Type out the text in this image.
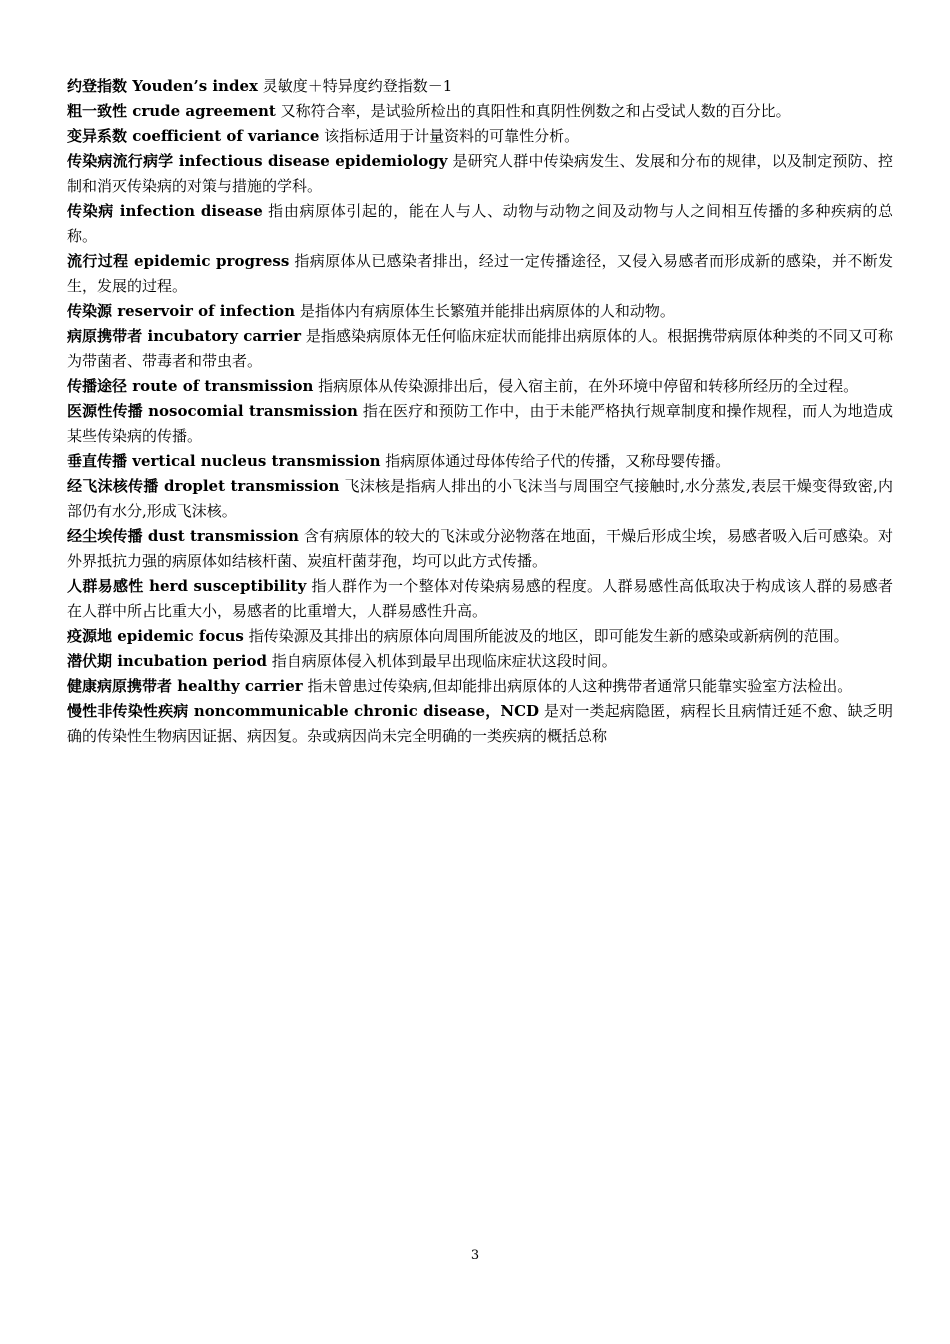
约登指数 Youden’s index 灵敏度＋特异度约登指数－1

粗一致性 crude agreement 又称符合率，是试验所检出的真阳性和真阴性例数之和占受试人数的百分比。

变异系数 coefficient of variance 该指标适用于计量资料的可靠性分析。

传染病流行病学 infectious disease epidemiology 是研究人群中传染病发生、发展和分布的规律，以及制定预防、控制和消灭传染病的对策与措施的学科。

传染病 infection disease 指由病原体引起的，能在人与人、动物与动物之间及动物与人之间相互传播的多种疾病的总称。

流行过程 epidemic progress 指病原体从已感染者排出，经过一定传播途径，又侵入易感者而形成新的感染，并不断发生，发展的过程。

传染源 reservoir of infection 是指体内有病原体生长繁殖并能排出病原体的人和动物。

病原携带者 incubatory carrier 是指感染病原体无任何临床症状而能排出病原体的人。根据携带病原体种类的不同又可称为带菌者、带毒者和带虫者。

传播途径 route of transmission 指病原体从传染源排出后，侵入宿主前，在外环境中停留和转移所经历的全过程。

医源性传播 nosocomial transmission 指在医疗和预防工作中，由于未能严格执行规章制度和操作规程，而人为地造成某些传染病的传播。

垂直传播 vertical nucleus transmission 指病原体通过母体传给子代的传播，又称母婴传播。

经飞沫核传播 droplet transmission 飞沫核是指病人排出的小飞沫当与周围空气接触时,水分蒸发,表层干燥变得致密,内部仍有水分,形成飞沫核。

经尘埃传播 dust transmission 含有病原体的较大的飞沫或分泌物落在地面，干燥后形成尘埃，易感者吸入后可感染。对外界抵抗力强的病原体如结核杆菌、炭疽杆菌芽孢，均可以此方式传播。

人群易感性 herd susceptibility 指人群作为一个整体对传染病易感的程度。人群易感性高低取决于构成该人群的易感者在人群中所占比重大小，易感者的比重增大，人群易感性升高。

疫源地 epidemic focus 指传染源及其排出的病原体向周围所能波及的地区，即可能发生新的感染或新病例的范围。

潜伏期 incubation period 指自病原体侵入机体到最早出现临床症状这段时间。

健康病原携带者 healthy carrier 指未曾患过传染病,但却能排出病原体的人这种携带者通常只能靠实验室方法检出。

慢性非传染性疾病 noncommunicable chronic disease，NCD 是对一类起病隐匿，病程长且病情迁延不愈、缺乏明确的传染性生物病因证据、病因复。杂或病因尚未完全明确的一类疾病的概括总称

3
